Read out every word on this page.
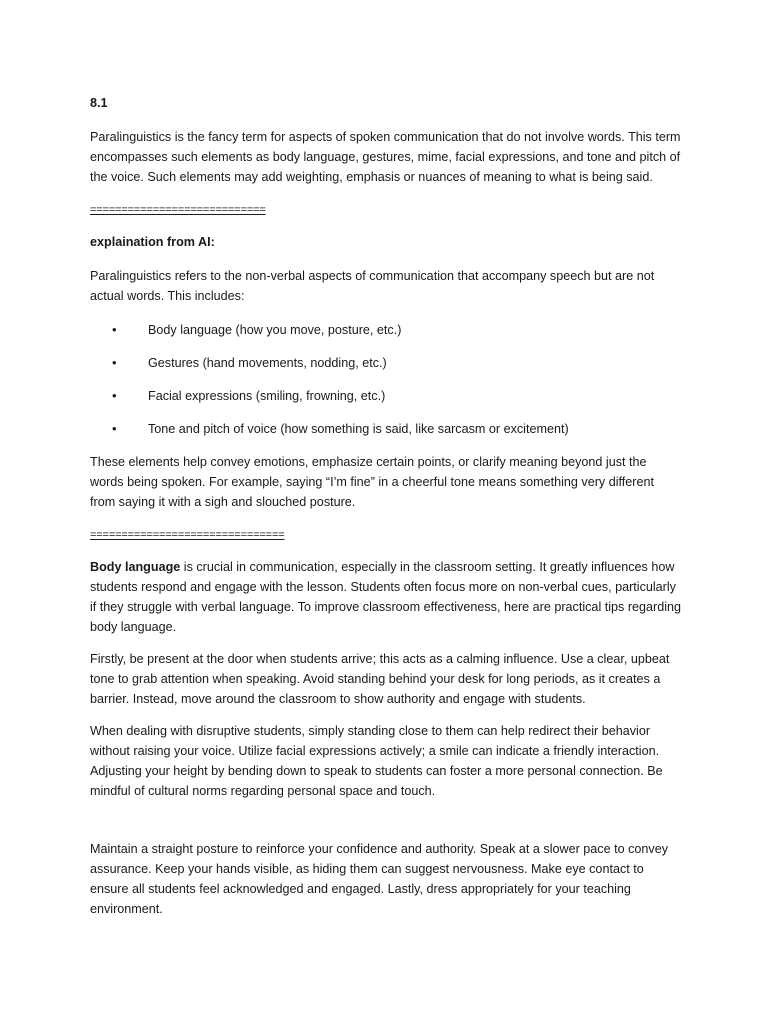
8.1

Paralinguistics is the fancy term for aspects of spoken communication that do not involve words. This term encompasses such elements as body language, gestures, mime, facial expressions, and tone and pitch of the voice. Such elements may add weighting, emphasis or nuances of meaning to what is being said.

============================

explaination from AI:

Paralinguistics refers to the non-verbal aspects of communication that accompany speech but are not actual words. This includes:

• Body language (how you move, posture, etc.)
• Gestures (hand movements, nodding, etc.)
• Facial expressions (smiling, frowning, etc.)
• Tone and pitch of voice (how something is said, like sarcasm or excitement)

These elements help convey emotions, emphasize certain points, or clarify meaning beyond just the words being spoken. For example, saying “I’m fine” in a cheerful tone means something very different from saying it with a sigh and slouched posture.

===============================

Body language is crucial in communication, especially in the classroom setting. It greatly influences how students respond and engage with the lesson. Students often focus more on non-verbal cues, particularly if they struggle with verbal language. To improve classroom effectiveness, here are practical tips regarding body language.

Firstly, be present at the door when students arrive; this acts as a calming influence. Use a clear, upbeat tone to grab attention when speaking. Avoid standing behind your desk for long periods, as it creates a barrier. Instead, move around the classroom to show authority and engage with students.

When dealing with disruptive students, simply standing close to them can help redirect their behavior without raising your voice. Utilize facial expressions actively; a smile can indicate a friendly interaction. Adjusting your height by bending down to speak to students can foster a more personal connection. Be mindful of cultural norms regarding personal space and touch.

Maintain a straight posture to reinforce your confidence and authority. Speak at a slower pace to convey assurance. Keep your hands visible, as hiding them can suggest nervousness. Make eye contact to ensure all students feel acknowledged and engaged. Lastly, dress appropriately for your teaching environment.
